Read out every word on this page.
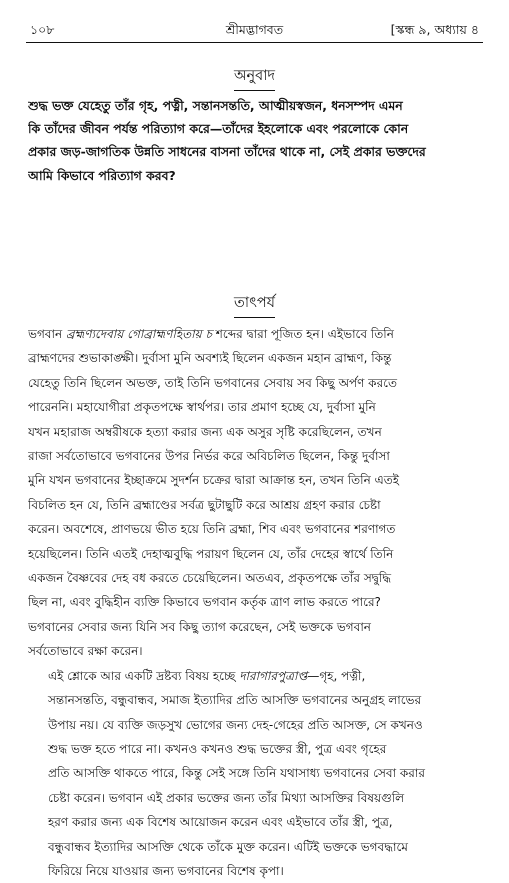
১০৮	শ্রীমদ্ভাগবত	[স্কন্ধ ৯, অধ্যায় ৪
অনুবাদ
শুদ্ধ ভক্ত যেহেতু তাঁর গৃহ, পত্নী, সন্তানসন্ততি, আত্মীয়স্বজন, ধনসম্পদ এমন
কি তাঁদের জীবন পর্যন্ত পরিত্যাগ করে—তাঁদের ইহলোকে এবং পরলোকে কোন
প্রকার জড়-জাগতিক উন্নতি সাধনের বাসনা তাঁদের থাকে না, সেই প্রকার ভক্তদের
আমি কিভাবে পরিত্যাগ করব?
তাৎপর্য

ভগবান ব্রহ্মণ্যদেবায় গোব্রাহ্মণহিতায় চ শব্দের দ্বারা পূজিত হন। এইভাবে তিনি
ব্রাহ্মণদের শুভাকাঙ্ক্ষী। দুর্বাসা মুনি অবশ্যই ছিলেন একজন মহান ব্রাহ্মণ, কিন্তু
যেহেতু তিনি ছিলেন অভক্ত, তাই তিনি ভগবানের সেবায় সব কিছু অর্পণ করতে
পারেননি। মহাযোগীরা প্রকৃতপক্ষে স্বার্থপর। তার প্রমাণ হচ্ছে যে, দুর্বাসা মুনি
যখন মহারাজ অম্বরীষকে হত্যা করার জন্য এক অসুর সৃষ্টি করেছিলেন, তখন
রাজা সর্বতোভাবে ভগবানের উপর নির্ভর করে অবিচলিত ছিলেন, কিন্তু দুর্বাসা
মুনি যখন ভগবানের ইচ্ছাক্রমে সুদর্শন চক্রের দ্বারা আক্রান্ত হন, তখন তিনি এতই
বিচলিত হন যে, তিনি ব্রহ্মাণ্ডের সর্বত্র ছুটাছুটি করে আশ্রয় গ্রহণ করার চেষ্টা
করেন। অবশেষে, প্রাণভয়ে ভীত হয়ে তিনি ব্রহ্মা, শিব এবং ভগবানের শরণাগত
হয়েছিলেন। তিনি এতই দেহাত্মবুদ্ধি পরায়ণ ছিলেন যে, তাঁর দেহের স্বার্থে তিনি
একজন বৈষ্ণবের দেহ বধ করতে চেয়েছিলেন। অতএব, প্রকৃতপক্ষে তাঁর সদ্বুদ্ধি
ছিল না, এবং বুদ্ধিহীন ব্যক্তি কিভাবে ভগবান কর্তৃক ত্রাণ লাভ করতে পারে?
ভগবানের সেবার জন্য যিনি সব কিছু ত্যাগ করেছেন, সেই ভক্তকে ভগবান
সর্বতোভাবে রক্ষা করেন।

এই শ্লোকে আর একটি দ্রষ্টব্য বিষয় হচ্ছে দারাগারপুত্রাপ্ত—গৃহ, পত্নী,
সন্তানসন্ততি, বন্ধুবান্ধব, সমাজ ইত্যাদির প্রতি আসক্তি ভগবানের অনুগ্রহ লাভের
উপায় নয়। যে ব্যক্তি জড়সুখ ভোগের জন্য দেহ-গেহের প্রতি আসক্ত, সে কখনও
শুদ্ধ ভক্ত হতে পারে না। কখনও কখনও শুদ্ধ ভক্তের স্ত্রী, পুত্র এবং গৃহের
প্রতি আসক্তি থাকতে পারে, কিন্তু সেই সঙ্গে তিনি যথাসাধ্য ভগবানের সেবা করার
চেষ্টা করেন। ভগবান এই প্রকার ভক্তের জন্য তাঁর মিথ্যা আসক্তির বিষয়গুলি
হরণ করার জন্য এক বিশেষ আয়োজন করেন এবং এইভাবে তাঁর স্ত্রী, পুত্র,
বন্ধুবান্ধব ইত্যাদির আসক্তি থেকে তাঁকে মুক্ত করেন। এটিই ভক্তকে ভগবদ্ধামে
ফিরিয়ে নিয়ে যাওয়ার জন্য ভগবানের বিশেষ কৃপা।
